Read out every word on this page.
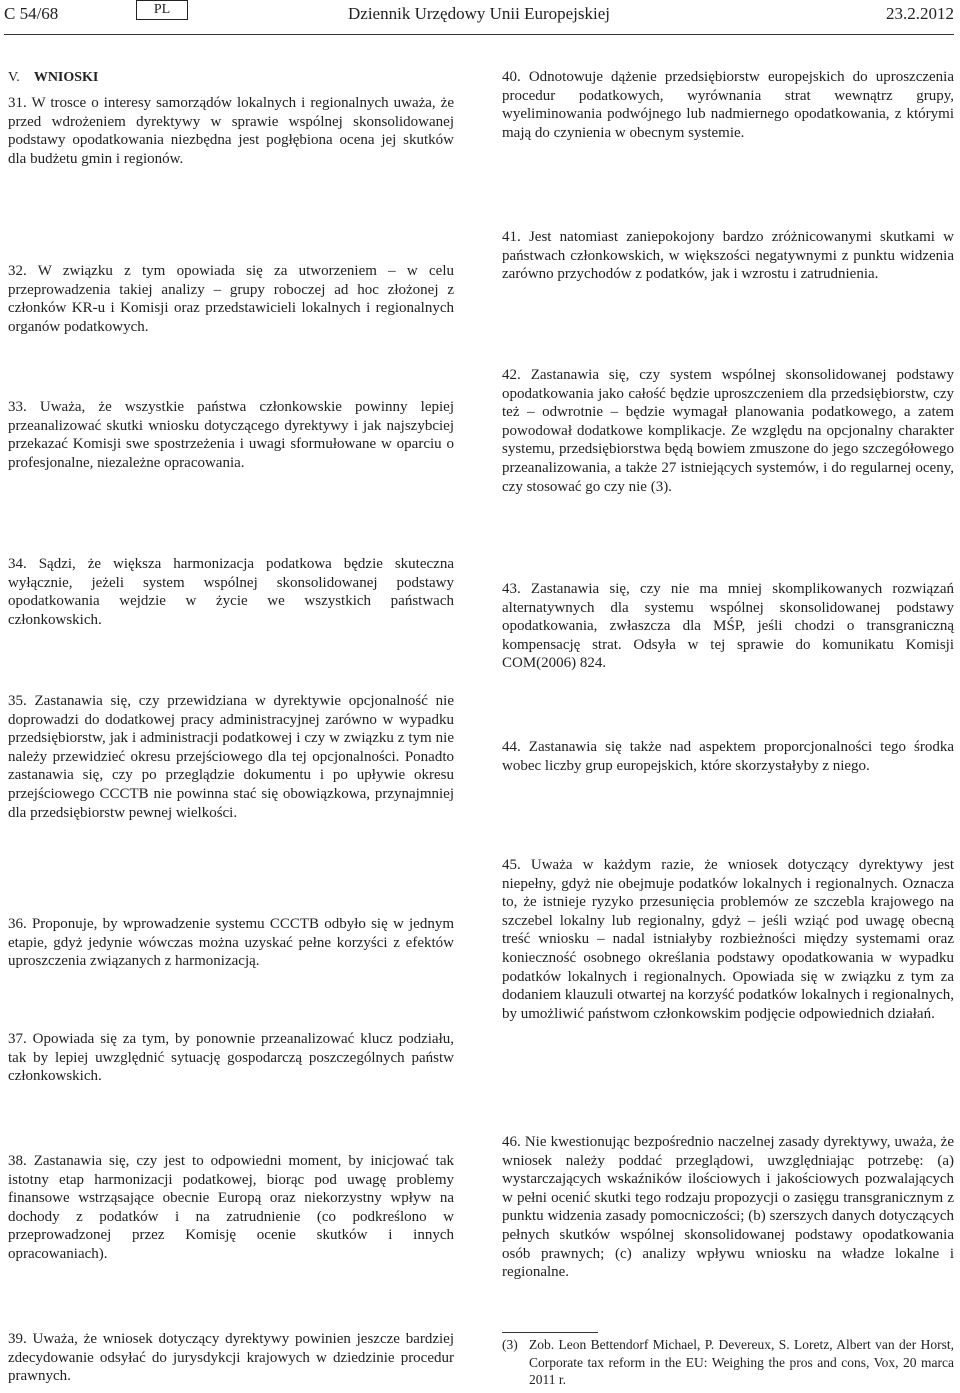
C 54/68	PL	Dziennik Urzędowy Unii Europejskiej	23.2.2012
V. WNIOSKI
31. W trosce o interesy samorządów lokalnych i regionalnych uważa, że przed wdrożeniem dyrektywy w sprawie wspólnej skonsolidowanej podstawy opodatkowania niezbędna jest pogłębiona ocena jej skutków dla budżetu gmin i regionów.
32. W związku z tym opowiada się za utworzeniem – w celu przeprowadzenia takiej analizy – grupy roboczej ad hoc złożonej z członków KR-u i Komisji oraz przedstawicieli lokalnych i regionalnych organów podatkowych.
33. Uważa, że wszystkie państwa członkowskie powinny lepiej przeanalizować skutki wniosku dotyczącego dyrektywy i jak najszybciej przekazać Komisji swe spostrzeżenia i uwagi sformułowane w oparciu o profesjonalne, niezależne opracowania.
34. Sądzi, że większa harmonizacja podatkowa będzie skuteczna wyłącznie, jeżeli system wspólnej skonsolidowanej podstawy opodatkowania wejdzie w życie we wszystkich państwach członkowskich.
35. Zastanawia się, czy przewidziana w dyrektywie opcjonalność nie doprowadzi do dodatkowej pracy administracyjnej zarówno w wypadku przedsiębiorstw, jak i administracji podatkowej i czy w związku z tym nie należy przewidzieć okresu przejściowego dla tej opcjonalności. Ponadto zastanawia się, czy po przeglądzie dokumentu i po upływie okresu przejściowego CCCTB nie powinna stać się obowiązkowa, przynajmniej dla przedsiębiorstw pewnej wielkości.
36. Proponuje, by wprowadzenie systemu CCCTB odbyło się w jednym etapie, gdyż jedynie wówczas można uzyskać pełne korzyści z efektów uproszczenia związanych z harmonizacją.
37. Opowiada się za tym, by ponownie przeanalizować klucz podziału, tak by lepiej uwzględnić sytuację gospodarczą poszczególnych państw członkowskich.
38. Zastanawia się, czy jest to odpowiedni moment, by inicjować tak istotny etap harmonizacji podatkowej, biorąc pod uwagę problemy finansowe wstrząsające obecnie Europą oraz niekorzystny wpływ na dochody z podatków i na zatrudnienie (co podkreślono w przeprowadzonej przez Komisję ocenie skutków i innych opracowaniach).
39. Uważa, że wniosek dotyczący dyrektywy powinien jeszcze bardziej zdecydowanie odsyłać do jurysdykcji krajowych w dziedzinie procedur prawnych.
40. Odnotowuje dążenie przedsiębiorstw europejskich do uproszczenia procedur podatkowych, wyrównania strat wewnątrz grupy, wyeliminowania podwójnego lub nadmiernego opodatkowania, z którymi mają do czynienia w obecnym systemie.
41. Jest natomiast zaniepokojony bardzo zróżnicowanymi skutkami w państwach członkowskich, w większości negatywnymi z punktu widzenia zarówno przychodów z podatków, jak i wzrostu i zatrudnienia.
42. Zastanawia się, czy system wspólnej skonsolidowanej podstawy opodatkowania jako całość będzie uproszczeniem dla przedsiębiorstw, czy też – odwrotnie – będzie wymagał planowania podatkowego, a zatem powodował dodatkowe komplikacje. Ze względu na opcjonalny charakter systemu, przedsiębiorstwa będą bowiem zmuszone do jego szczegółowego przeanalizowania, a także 27 istniejących systemów, i do regularnej oceny, czy stosować go czy nie (3).
43. Zastanawia się, czy nie ma mniej skomplikowanych rozwiązań alternatywnych dla systemu wspólnej skonsolidowanej podstawy opodatkowania, zwłaszcza dla MŚP, jeśli chodzi o transgraniczną kompensację strat. Odsyła w tej sprawie do komunikatu Komisji COM(2006) 824.
44. Zastanawia się także nad aspektem proporcjonalności tego środka wobec liczby grup europejskich, które skorzystałyby z niego.
45. Uważa w każdym razie, że wniosek dotyczący dyrektywy jest niepełny, gdyż nie obejmuje podatków lokalnych i regionalnych. Oznacza to, że istnieje ryzyko przesunięcia problemów ze szczebla krajowego na szczebel lokalny lub regionalny, gdyż – jeśli wziąć pod uwagę obecną treść wniosku – nadal istniałyby rozbieżności między systemami oraz konieczność osobnego określania podstawy opodatkowania w wypadku podatków lokalnych i regionalnych. Opowiada się w związku z tym za dodaniem klauzuli otwartej na korzyść podatków lokalnych i regionalnych, by umożliwić państwom członkowskim podjęcie odpowiednich działań.
46. Nie kwestionując bezpośrednio naczelnej zasady dyrektywy, uważa, że wniosek należy poddać przeglądowi, uwzględniając potrzebę: (a) wystarczających wskaźników ilościowych i jakościowych pozwalających w pełni ocenić skutki tego rodzaju propozycji o zasięgu transgranicznym z punktu widzenia zasady pomocniczości; (b) szerszych danych dotyczących pełnych skutków wspólnej skonsolidowanej podstawy opodatkowania osób prawnych; (c) analizy wpływu wniosku na władze lokalne i regionalne.
(3) Zob. Leon Bettendorf Michael, P. Devereux, S. Loretz, Albert van der Horst, Corporate tax reform in the EU: Weighing the pros and cons, Vox, 20 marca 2011 r.
